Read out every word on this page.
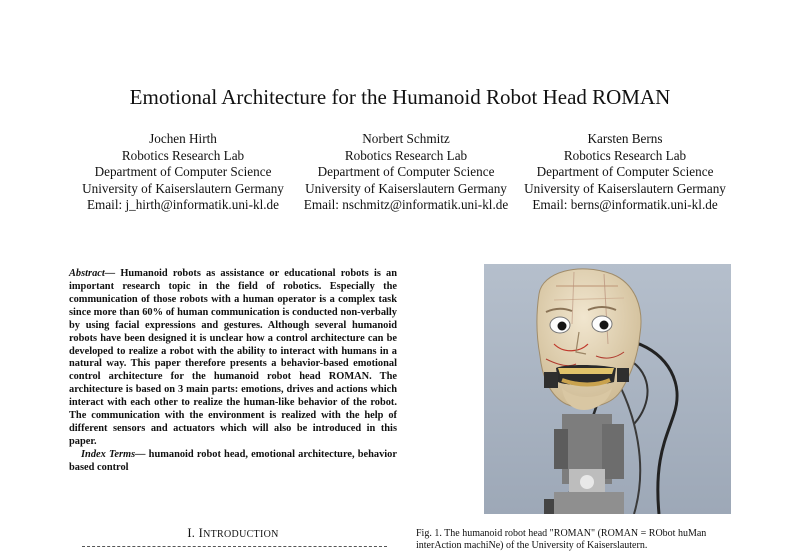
Emotional Architecture for the Humanoid Robot Head ROMAN
Jochen Hirth
Robotics Research Lab
Department of Computer Science
University of Kaiserslautern Germany
Email: j_hirth@informatik.uni-kl.de
Norbert Schmitz
Robotics Research Lab
Department of Computer Science
University of Kaiserslautern Germany
Email: nschmitz@informatik.uni-kl.de
Karsten Berns
Robotics Research Lab
Department of Computer Science
University of Kaiserslautern Germany
Email: berns@informatik.uni-kl.de

Abstract— Humanoid robots as assistance or educational robots is an important research topic in the field of robotics. Especially the communication of those robots with a human operator is a complex task since more than 60% of human communication is conducted non-verbally by using facial expressions and gestures. Although several humanoid robots have been designed it is unclear how a control architecture can be developed to realize a robot with the ability to interact with humans in a natural way. This paper therefore presents a behavior-based emotional control architecture for the humanoid robot head ROMAN. The architecture is based on 3 main parts: emotions, drives and actions which interact with each other to realize the human-like behavior of the robot. The communication with the environment is realized with the help of different sensors and actuators which will also be introduced in this paper.

Index Terms— humanoid robot head, emotional architecture, behavior based control

I. INTRODUCTION	Fig. 1. The humanoid robot head "ROMAN" (ROMAN = RObot huMan
interAction machiNe) of the University of Kaiserslautern.
